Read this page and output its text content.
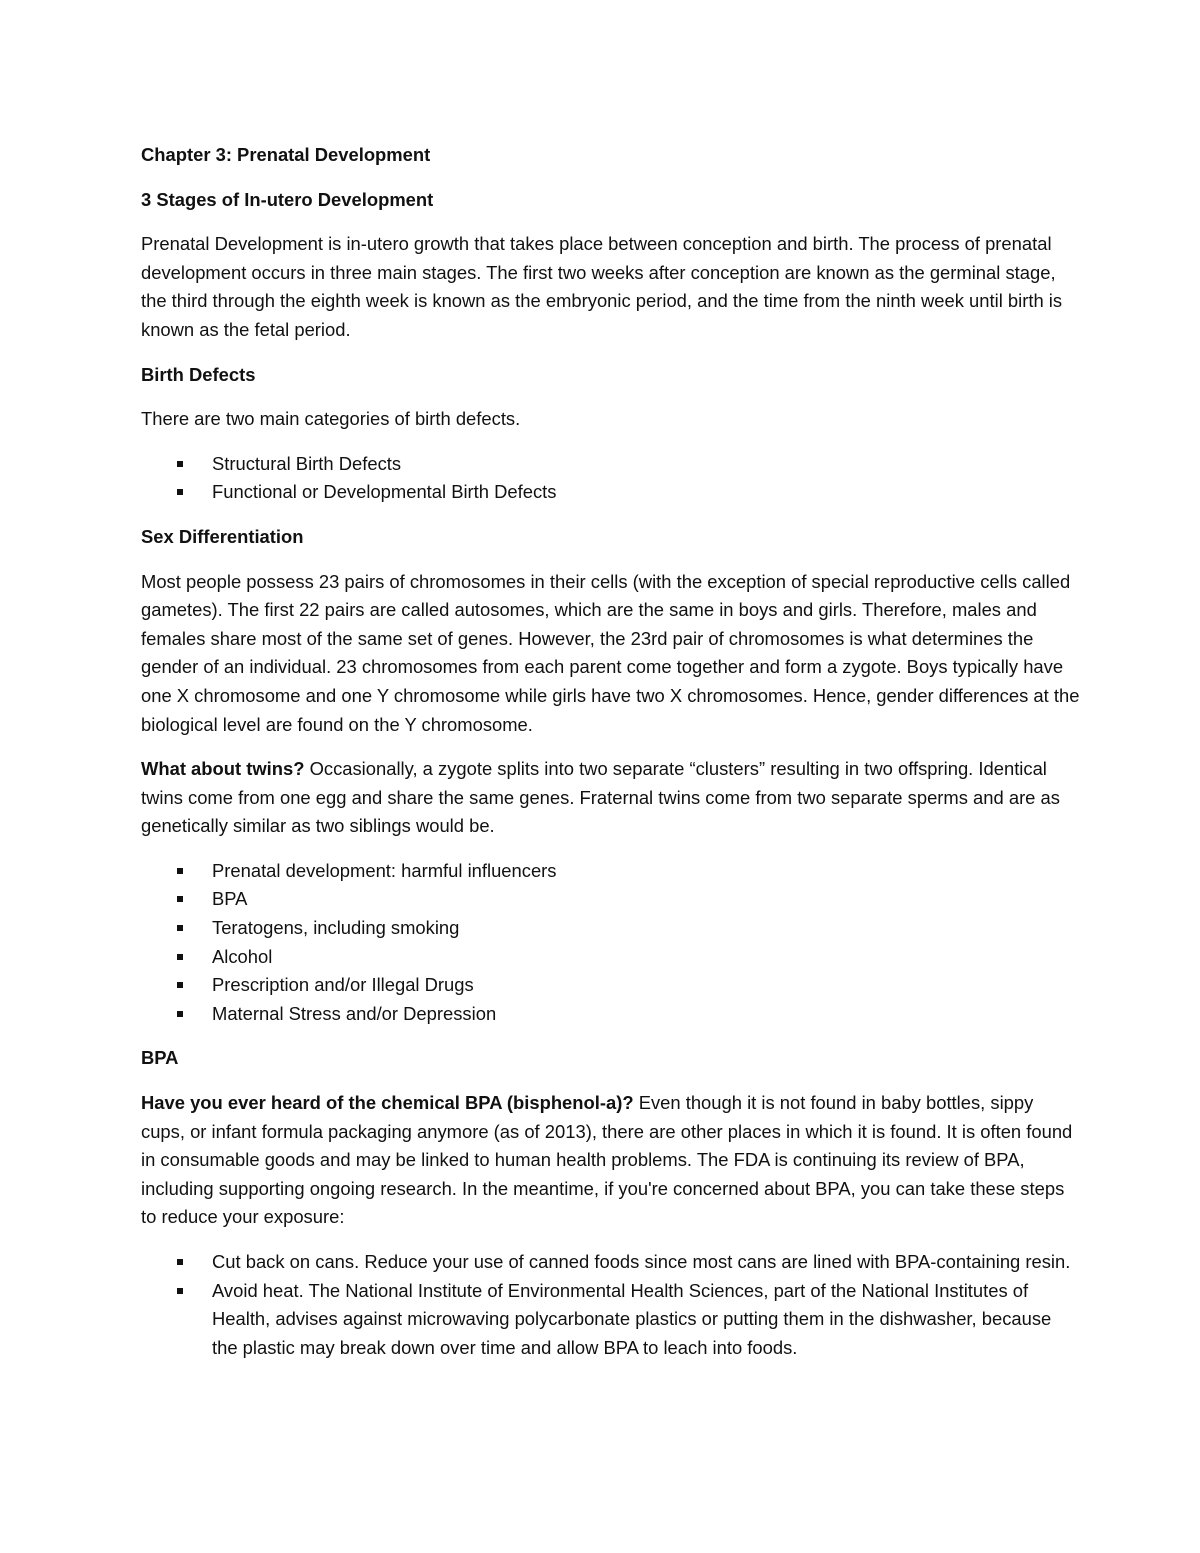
Chapter 3: Prenatal Development

3 Stages of In-utero Development

Prenatal Development is in-utero growth that takes place between conception and birth. The process of prenatal development occurs in three main stages. The first two weeks after conception are known as the germinal stage, the third through the eighth week is known as the embryonic period, and the time from the ninth week until birth is known as the fetal period.

Birth Defects

There are two main categories of birth defects.

Structural Birth Defects
Functional or Developmental Birth Defects

Sex Differentiation

Most people possess 23 pairs of chromosomes in their cells (with the exception of special reproductive cells called gametes). The first 22 pairs are called autosomes, which are the same in boys and girls. Therefore, males and females share most of the same set of genes. However, the 23rd pair of chromosomes is what determines the gender of an individual. 23 chromosomes from each parent come together and form a zygote. Boys typically have one X chromosome and one Y chromosome while girls have two X chromosomes. Hence, gender differences at the biological level are found on the Y chromosome.

What about twins? Occasionally, a zygote splits into two separate “clusters” resulting in two offspring. Identical twins come from one egg and share the same genes. Fraternal twins come from two separate sperms and are as genetically similar as two siblings would be.

Prenatal development: harmful influencers
BPA
Teratogens, including smoking
Alcohol
Prescription and/or Illegal Drugs
Maternal Stress and/or Depression

BPA

Have you ever heard of the chemical BPA (bisphenol-a)? Even though it is not found in baby bottles, sippy cups, or infant formula packaging anymore (as of 2013), there are other places in which it is found. It is often found in consumable goods and may be linked to human health problems. The FDA is continuing its review of BPA, including supporting ongoing research. In the meantime, if you're concerned about BPA, you can take these steps to reduce your exposure:

Cut back on cans. Reduce your use of canned foods since most cans are lined with BPA-containing resin.
Avoid heat. The National Institute of Environmental Health Sciences, part of the National Institutes of Health, advises against microwaving polycarbonate plastics or putting them in the dishwasher, because the plastic may break down over time and allow BPA to leach into foods.
